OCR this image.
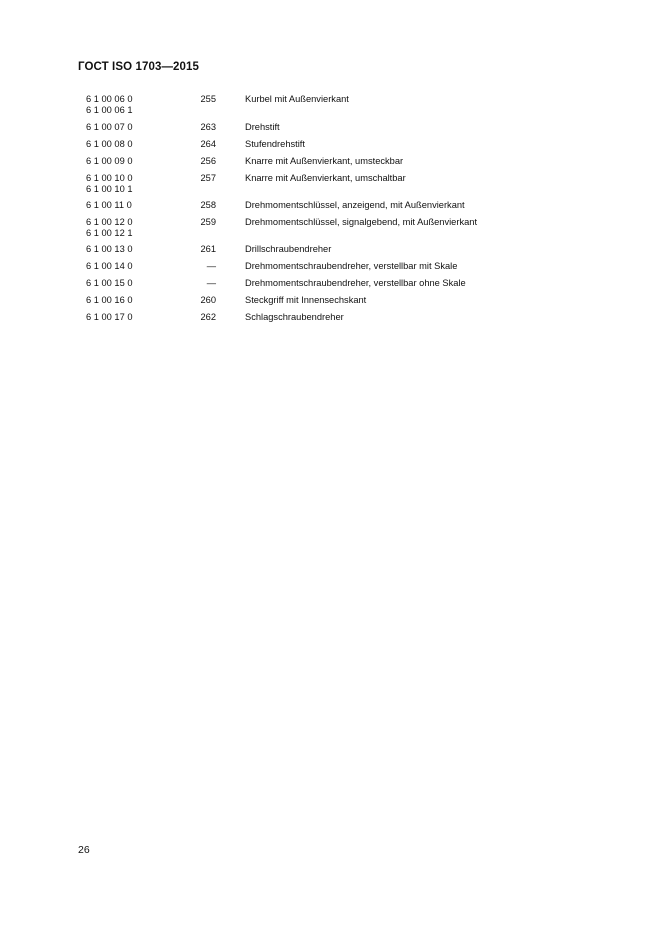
ГОСТ ISO 1703—2015
6 1 00 06 0
6 1 00 06 1
255	Kurbel mit Außenvierkant
6 1 00 07 0	263	Drehstift
6 1 00 08 0	264	Stufendrehstift
6 1 00 09 0	256	Knarre mit Außenvierkant, umsteckbar
6 1 00 10 0
6 1 00 10 1
257	Knarre mit Außenvierkant, umschaltbar
6 1 00 11 0	258	Drehmomentschlüssel, anzeigend, mit Außenvierkant
6 1 00 12 0
6 1 00 12 1
259	Drehmomentschlüssel, signalgebend, mit Außenvierkant
6 1 00 13 0	261	Drillschraubendreher
6 1 00 14 0	—	Drehmomentschraubendreher, verstellbar mit Skale
6 1 00 15 0	—	Drehmomentschraubendreher, verstellbar ohne Skale
6 1 00 16 0	260	Steckgriff mit Innensechskant
6 1 00 17 0	262	Schlagschraubendreher
26
